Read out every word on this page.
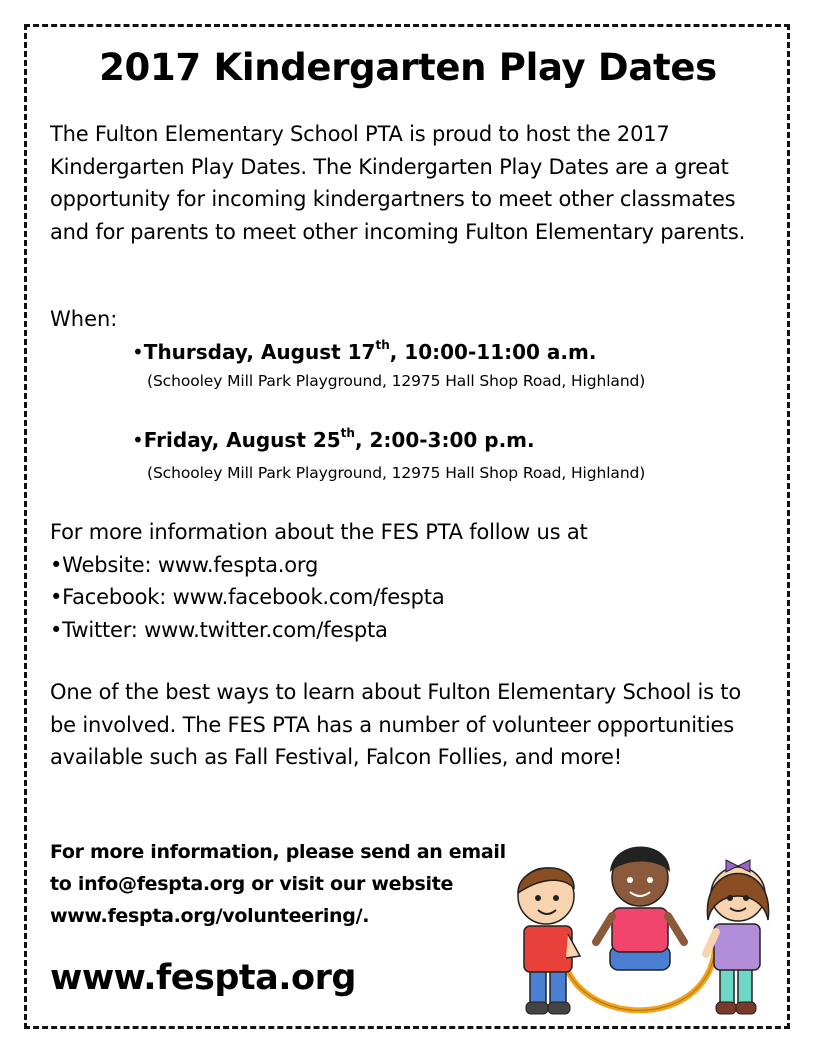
2017 Kindergarten Play Dates
The Fulton Elementary School PTA is proud to host the 2017 Kindergarten Play Dates. The Kindergarten Play Dates are a great opportunity for incoming kindergartners to meet other classmates and for parents to meet other incoming Fulton Elementary parents.
When:
•Thursday, August 17th, 10:00-11:00 a.m.
(Schooley Mill Park Playground, 12975 Hall Shop Road, Highland)
•Friday, August 25th, 2:00-3:00 p.m.
(Schooley Mill Park Playground, 12975 Hall Shop Road, Highland)
For more information about the FES PTA follow us at
•Website: www.fespta.org
•Facebook: www.facebook.com/fespta
•Twitter: www.twitter.com/fespta
One of the best ways to learn about Fulton Elementary School is to be involved. The FES PTA has a number of volunteer opportunities available such as Fall Festival, Falcon Follies, and more!
For more information, please send an email to info@fespta.org or visit our website www.fespta.org/volunteering/.
www.fespta.org
